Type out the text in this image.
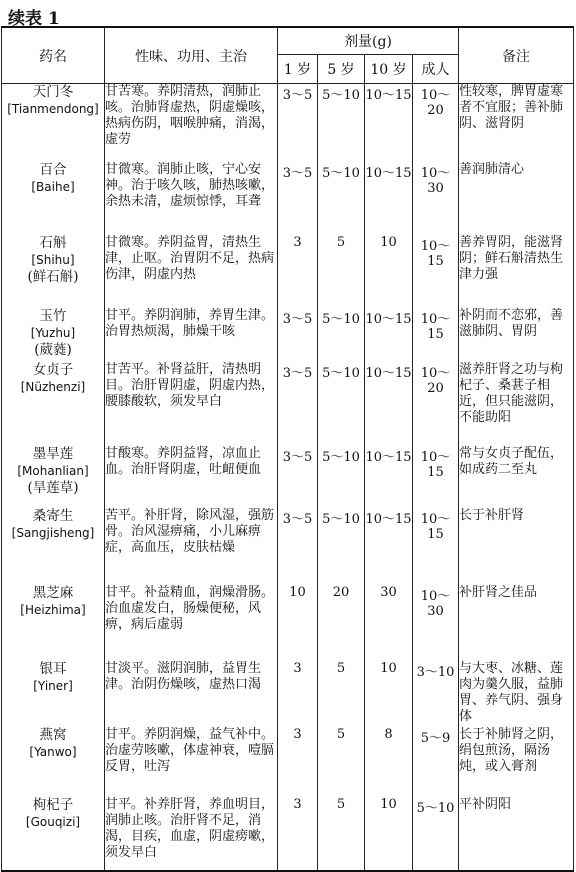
续表 1
药名	性味、功用、主治	剂量(g)				备注
		1 岁	5 岁	10 岁	成人	

天门冬
[Tianmendong]	甘苦寒。养阴清热，润肺止咳。治肺肾虚热，阴虚燥咳，热病伤阴，咽喉肿痛，消渴，虚劳	3～5	5～10	10～15	10～20	性较寒，脾胃虚寒者不宜服；善补肺阴、滋肾阴

百合
[Baihe]	甘微寒。润肺止咳，宁心安神。治于咳久咳，肺热咳嗽，余热未清，虚烦惊悸，耳聋	3～5	5～10	10～15	10～30	善润肺清心

石斛
[Shihu]
(鲜石斛)	甘微寒。养阴益胃，清热生津，止呕。治胃阴不足，热病伤津，阴虚内热	3	5	10	10～15	善养胃阴，能滋肾阴；鲜石斛清热生津力强

玉竹
[Yuzhu]
(葳蕤)	甘平。养阴润肺，养胃生津。治胃热烦渴，肺燥干咳	3～5	5～10	10～15	10～15	补阴而不恋邪，善滋肺阴、胃阴

女贞子
[Nüzhenzi]	甘苦平。补肾益肝，清热明目。治肝胃阴虚，阴虚内热，腰膝酸软，须发早白	3～5	5～10	10～15	10～20	滋养肝肾之功与枸杞子、桑葚子相近，但只能滋阴，不能助阳

墨旱莲
[Mohanlian]
(旱莲草)	甘酸寒。养阴益肾，凉血止血。治肝肾阴虚，吐衄便血	3～5	5～10	10～15	10～15	常与女贞子配伍，如成药二至丸

桑寄生
[Sangjisheng]	苦平。补肝肾，除风湿，强筋骨。治风湿痹痛，小儿麻痹症，高血压，皮肤枯燥	3～5	5～10	10～15	10～15	长于补肝肾

黑芝麻
[Heizhima]	甘平。补益精血，润燥滑肠。治血虚发白，肠燥便秘，风痹，病后虚弱	10	20	30	10～30	补肝肾之佳品

银耳
[Yiner]	甘淡平。滋阴润肺，益胃生津。治阴伤燥咳，虚热口渴	3	5	10	3～10	与大枣、冰糖、莲肉为羹久服，益肺胃、养气阴、强身体

燕窝
[Yanwo]	甘平。养阴润燥，益气补中。治虚劳咳嗽，体虚神衰，噎膈反胃，吐泻	3	5	8	5～9	长于补肺肾之阴，绢包煎汤，隔汤炖，或入膏剂

枸杞子
[Gouqizi]	甘平。补养肝肾，养血明目，润肺止咳。治肝肾不足，消渴，目疾，血虚，阴虚痨嗽，须发早白	3	5	10	5～10	平补阴阳
